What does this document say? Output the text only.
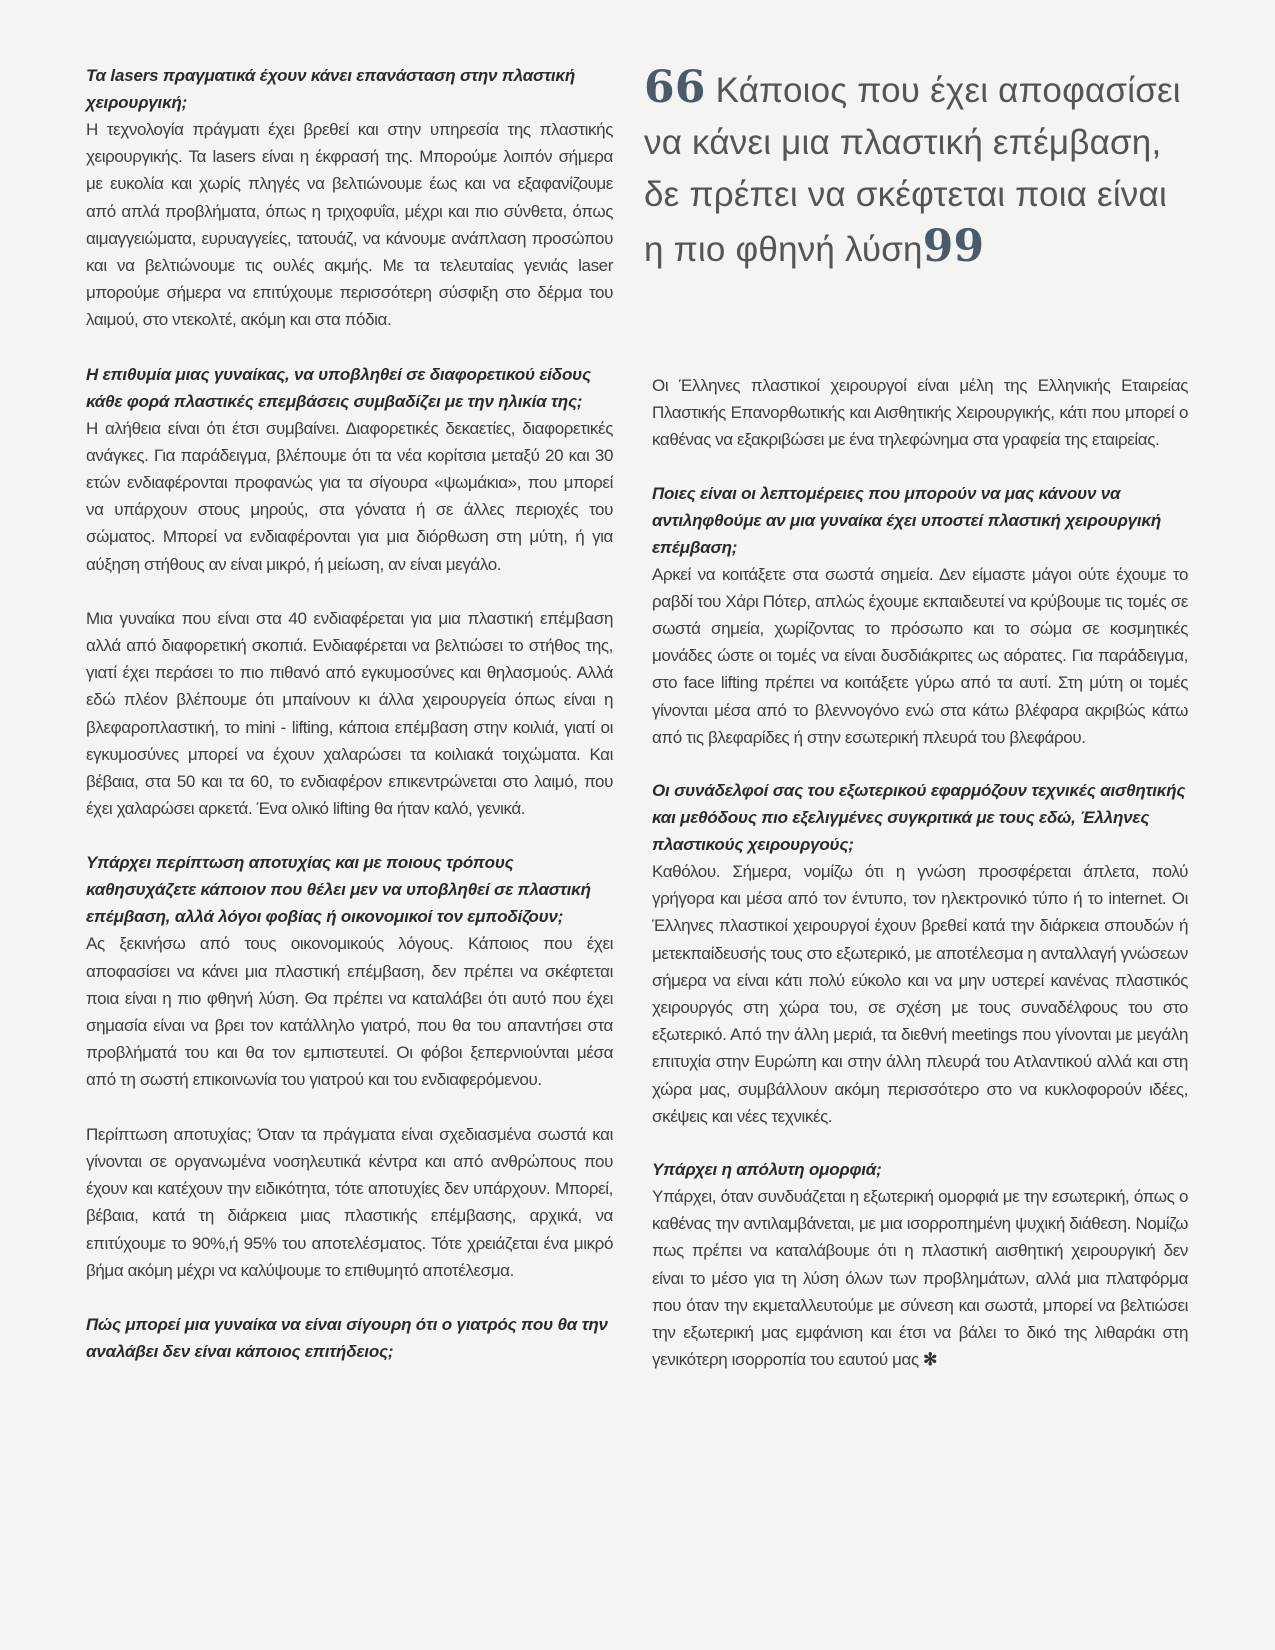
Τα lasers πραγματικά έχουν κάνει επανάσταση στην πλαστική χειρουργική;

Η τεχνολογία πράγματι έχει βρεθεί και στην υπηρεσία της πλαστικής χειρουργικής. Τα lasers είναι η έκφρασή της. Μπορούμε λοιπόν σήμερα με ευκολία και χωρίς πληγές να βελτιώνουμε έως και να εξαφανίζουμε από απλά προβλήματα, όπως η τριχοφυΐα, μέχρι και πιο σύνθετα, όπως αιμαγγειώματα, ευρυαγγείες, τατουάζ, να κάνουμε ανάπλαση προσώπου και να βελτιώνουμε τις ουλές ακμής. Με τα τελευταίας γενιάς laser μπορούμε σήμερα να επιτύχουμε περισσότερη σύσφιξη στο δέρμα του λαιμού, στο ντεκολτέ, ακόμη και στα πόδια.

Η επιθυμία μιας γυναίκας, να υποβληθεί σε διαφορετικού είδους κάθε φορά πλαστικές επεμβάσεις συμβαδίζει με την ηλικία της;

Η αλήθεια είναι ότι έτσι συμβαίνει. Διαφορετικές δεκαετίες, διαφορετικές ανάγκες. Για παράδειγμα, βλέπουμε ότι τα νέα κορίτσια μεταξύ 20 και 30 ετών ενδιαφέρονται προφανώς για τα σίγουρα «ψωμάκια», που μπορεί να υπάρχουν στους μηρούς, στα γόνατα ή σε άλλες περιοχές του σώματος. Μπορεί να ενδιαφέρονται για μια διόρθωση στη μύτη, ή για αύξηση στήθους αν είναι μικρό, ή μείωση, αν είναι μεγάλο.

Μια γυναίκα που είναι στα 40 ενδιαφέρεται για μια πλαστική επέμβαση αλλά από διαφορετική σκοπιά. Ενδιαφέρεται να βελτιώσει το στήθος της, γιατί έχει περάσει το πιο πιθανό από εγκυμοσύνες και θηλασμούς. Αλλά εδώ πλέον βλέπουμε ότι μπαίνουν κι άλλα χειρουργεία όπως είναι η βλεφαροπλαστική, το mini - lifting, κάποια επέμβαση στην κοιλιά, γιατί οι εγκυμοσύνες μπορεί να έχουν χαλαρώσει τα κοιλιακά τοιχώματα. Και βέβαια, στα 50 και τα 60, το ενδιαφέρον επικεντρώνεται στο λαιμό, που έχει χαλαρώσει αρκετά. Ένα ολικό lifting θα ήταν καλό, γενικά.

Υπάρχει περίπτωση αποτυχίας και με ποιους τρόπους καθησυχάζετε κάποιον που θέλει μεν να υποβληθεί σε πλαστική επέμβαση, αλλά λόγοι φοβίας ή οικονομικοί τον εμποδίζουν;

Ας ξεκινήσω από τους οικονομικούς λόγους. Κάποιος που έχει αποφασίσει να κάνει μια πλαστική επέμβαση, δεν πρέπει να σκέφτεται ποια είναι η πιο φθηνή λύση. Θα πρέπει να καταλάβει ότι αυτό που έχει σημασία είναι να βρει τον κατάλληλο γιατρό, που θα του απαντήσει στα προβλήματά του και θα τον εμπιστευτεί. Οι φόβοι ξεπερνιούνται μέσα από τη σωστή επικοινωνία του γιατρού και του ενδιαφερόμενου.

Περίπτωση αποτυχίας; Όταν τα πράγματα είναι σχεδιασμένα σωστά και γίνονται σε οργανωμένα νοσηλευτικά κέντρα και από ανθρώπους που έχουν και κατέχουν την ειδικότητα, τότε αποτυχίες δεν υπάρχουν. Μπορεί, βέβαια, κατά τη διάρκεια μιας πλαστικής επέμβασης, αρχικά, να επιτύχουμε το 90%,ή 95% του αποτελέσματος. Τότε χρειάζεται ένα μικρό βήμα ακόμη μέχρι να καλύψουμε το επιθυμητό αποτέλεσμα.

Πώς μπορεί μια γυναίκα να είναι σίγουρη ότι ο γιατρός που θα την αναλάβει δεν είναι κάποιος επιτήδειος;

66 Κάποιος που έχει αποφασίσει να κάνει μια πλαστική επέμβαση, δε πρέπει να σκέφτεται ποια είναι η πιο φθηνή λύση99

Οι Έλληνες πλαστικοί χειρουργοί είναι μέλη της Ελληνικής Εταιρείας Πλαστικής Επανορθωτικής και Αισθητικής Χειρουργικής, κάτι που μπορεί ο καθένας να εξακριβώσει με ένα τηλεφώνημα στα γραφεία της εταιρείας.

Ποιες είναι οι λεπτομέρειες που μπορούν να μας κάνουν να αντιληφθούμε αν μια γυναίκα έχει υποστεί πλαστική χειρουργική επέμβαση;

Αρκεί να κοιτάξετε στα σωστά σημεία. Δεν είμαστε μάγοι ούτε έχουμε το ραβδί του Χάρι Πότερ, απλώς έχουμε εκπαιδευτεί να κρύβουμε τις τομές σε σωστά σημεία, χωρίζοντας το πρόσωπο και το σώμα σε κοσμητικές μονάδες ώστε οι τομές να είναι δυσδιάκριτες ως αόρατες. Για παράδειγμα, στο face lifting πρέπει να κοιτάξετε γύρω από τα αυτί. Στη μύτη οι τομές γίνονται μέσα από το βλεννογόνο ενώ στα κάτω βλέφαρα ακριβώς κάτω από τις βλεφαρίδες ή στην εσωτερική πλευρά του βλεφάρου.

Οι συνάδελφοί σας του εξωτερικού εφαρμόζουν τεχνικές αισθητικής και μεθόδους πιο εξελιγμένες συγκριτικά με τους εδώ, Έλληνες πλαστικούς χειρουργούς;

Καθόλου. Σήμερα, νομίζω ότι η γνώση προσφέρεται άπλετα, πολύ γρήγορα και μέσα από τον έντυπο, τον ηλεκτρονικό τύπο ή το internet. Οι Έλληνες πλαστικοί χειρουργοί έχουν βρεθεί κατά την διάρκεια σπουδών ή μετεκπαίδευσής τους στο εξωτερικό, με αποτέλεσμα η ανταλλαγή γνώσεων σήμερα να είναι κάτι πολύ εύκολο και να μην υστερεί κανένας πλαστικός χειρουργός στη χώρα του, σε σχέση με τους συναδέλφους του στο εξωτερικό. Από την άλλη μεριά, τα διεθνή meetings που γίνονται με μεγάλη επιτυχία στην Ευρώπη και στην άλλη πλευρά του Ατλαντικού αλλά και στη χώρα μας, συμβάλλουν ακόμη περισσότερο στο να κυκλοφορούν ιδέες, σκέψεις και νέες τεχνικές.

Υπάρχει η απόλυτη ομορφιά;

Υπάρχει, όταν συνδυάζεται η εξωτερική ομορφιά με την εσωτερική, όπως ο καθένας την αντιλαμβάνεται, με μια ισορροπημένη ψυχική διάθεση. Νομίζω πως πρέπει να καταλάβουμε ότι η πλαστική αισθητική χειρουργική δεν είναι το μέσο για τη λύση όλων των προβλημάτων, αλλά μια πλατφόρμα που όταν την εκμεταλλευτούμε με σύνεση και σωστά, μπορεί να βελτιώσει την εξωτερική μας εμφάνιση και έτσι να βάλει το δικό της λιθαράκι στη γενικότερη ισορροπία του εαυτού μας ✻
